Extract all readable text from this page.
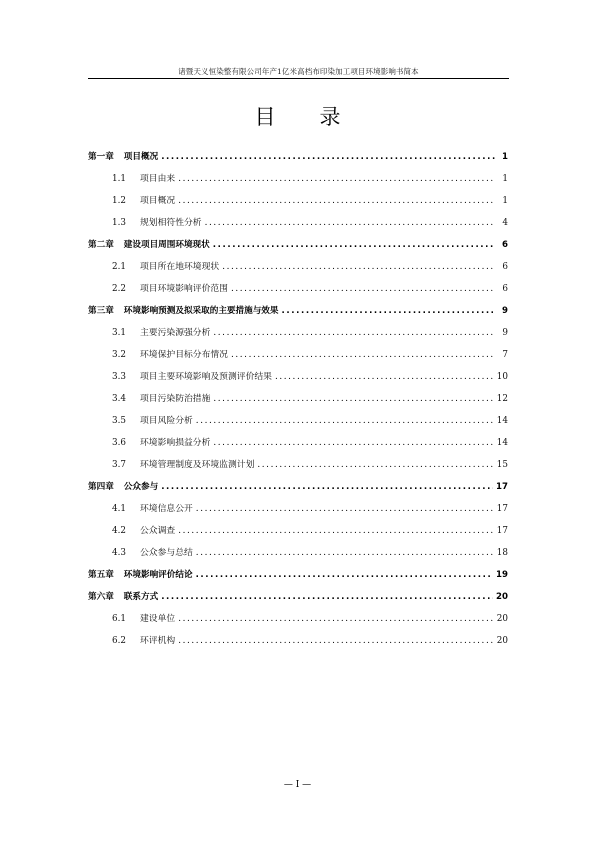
诸暨天义恒染整有限公司年产1亿米高档布印染加工项目环境影响书简本
目录
第一章 项目概况 .....	1
1.1	项目由来 .....	1
1.2	项目概况 .....	1
1.3	规划相符性分析 .....	4
第二章 建设项目周围环境现状 .....	6
2.1	项目所在地环境现状 .....	6
2.2	项目环境影响评价范围 .....	6
第三章 环境影响预测及拟采取的主要措施与效果 .....	9
3.1	主要污染源强分析 .....	9
3.2	环境保护目标分布情况 .....	7
3.3	项目主要环境影响及预测评价结果 .....	10
3.4	项目污染防治措施 .....	12
3.5	项目风险分析 .....	14
3.6	环境影响损益分析 .....	14
3.7	环境管理制度及环境监测计划 .....	15
第四章 公众参与 .....	17
4.1	环境信息公开 .....	17
4.2	公众调查 .....	17
4.3	公众参与总结 .....	18
第五章 环境影响评价结论 .....	19
第六章 联系方式 .....	20
6.1	建设单位 .....	20
6.2	环评机构 .....	20
— I —
